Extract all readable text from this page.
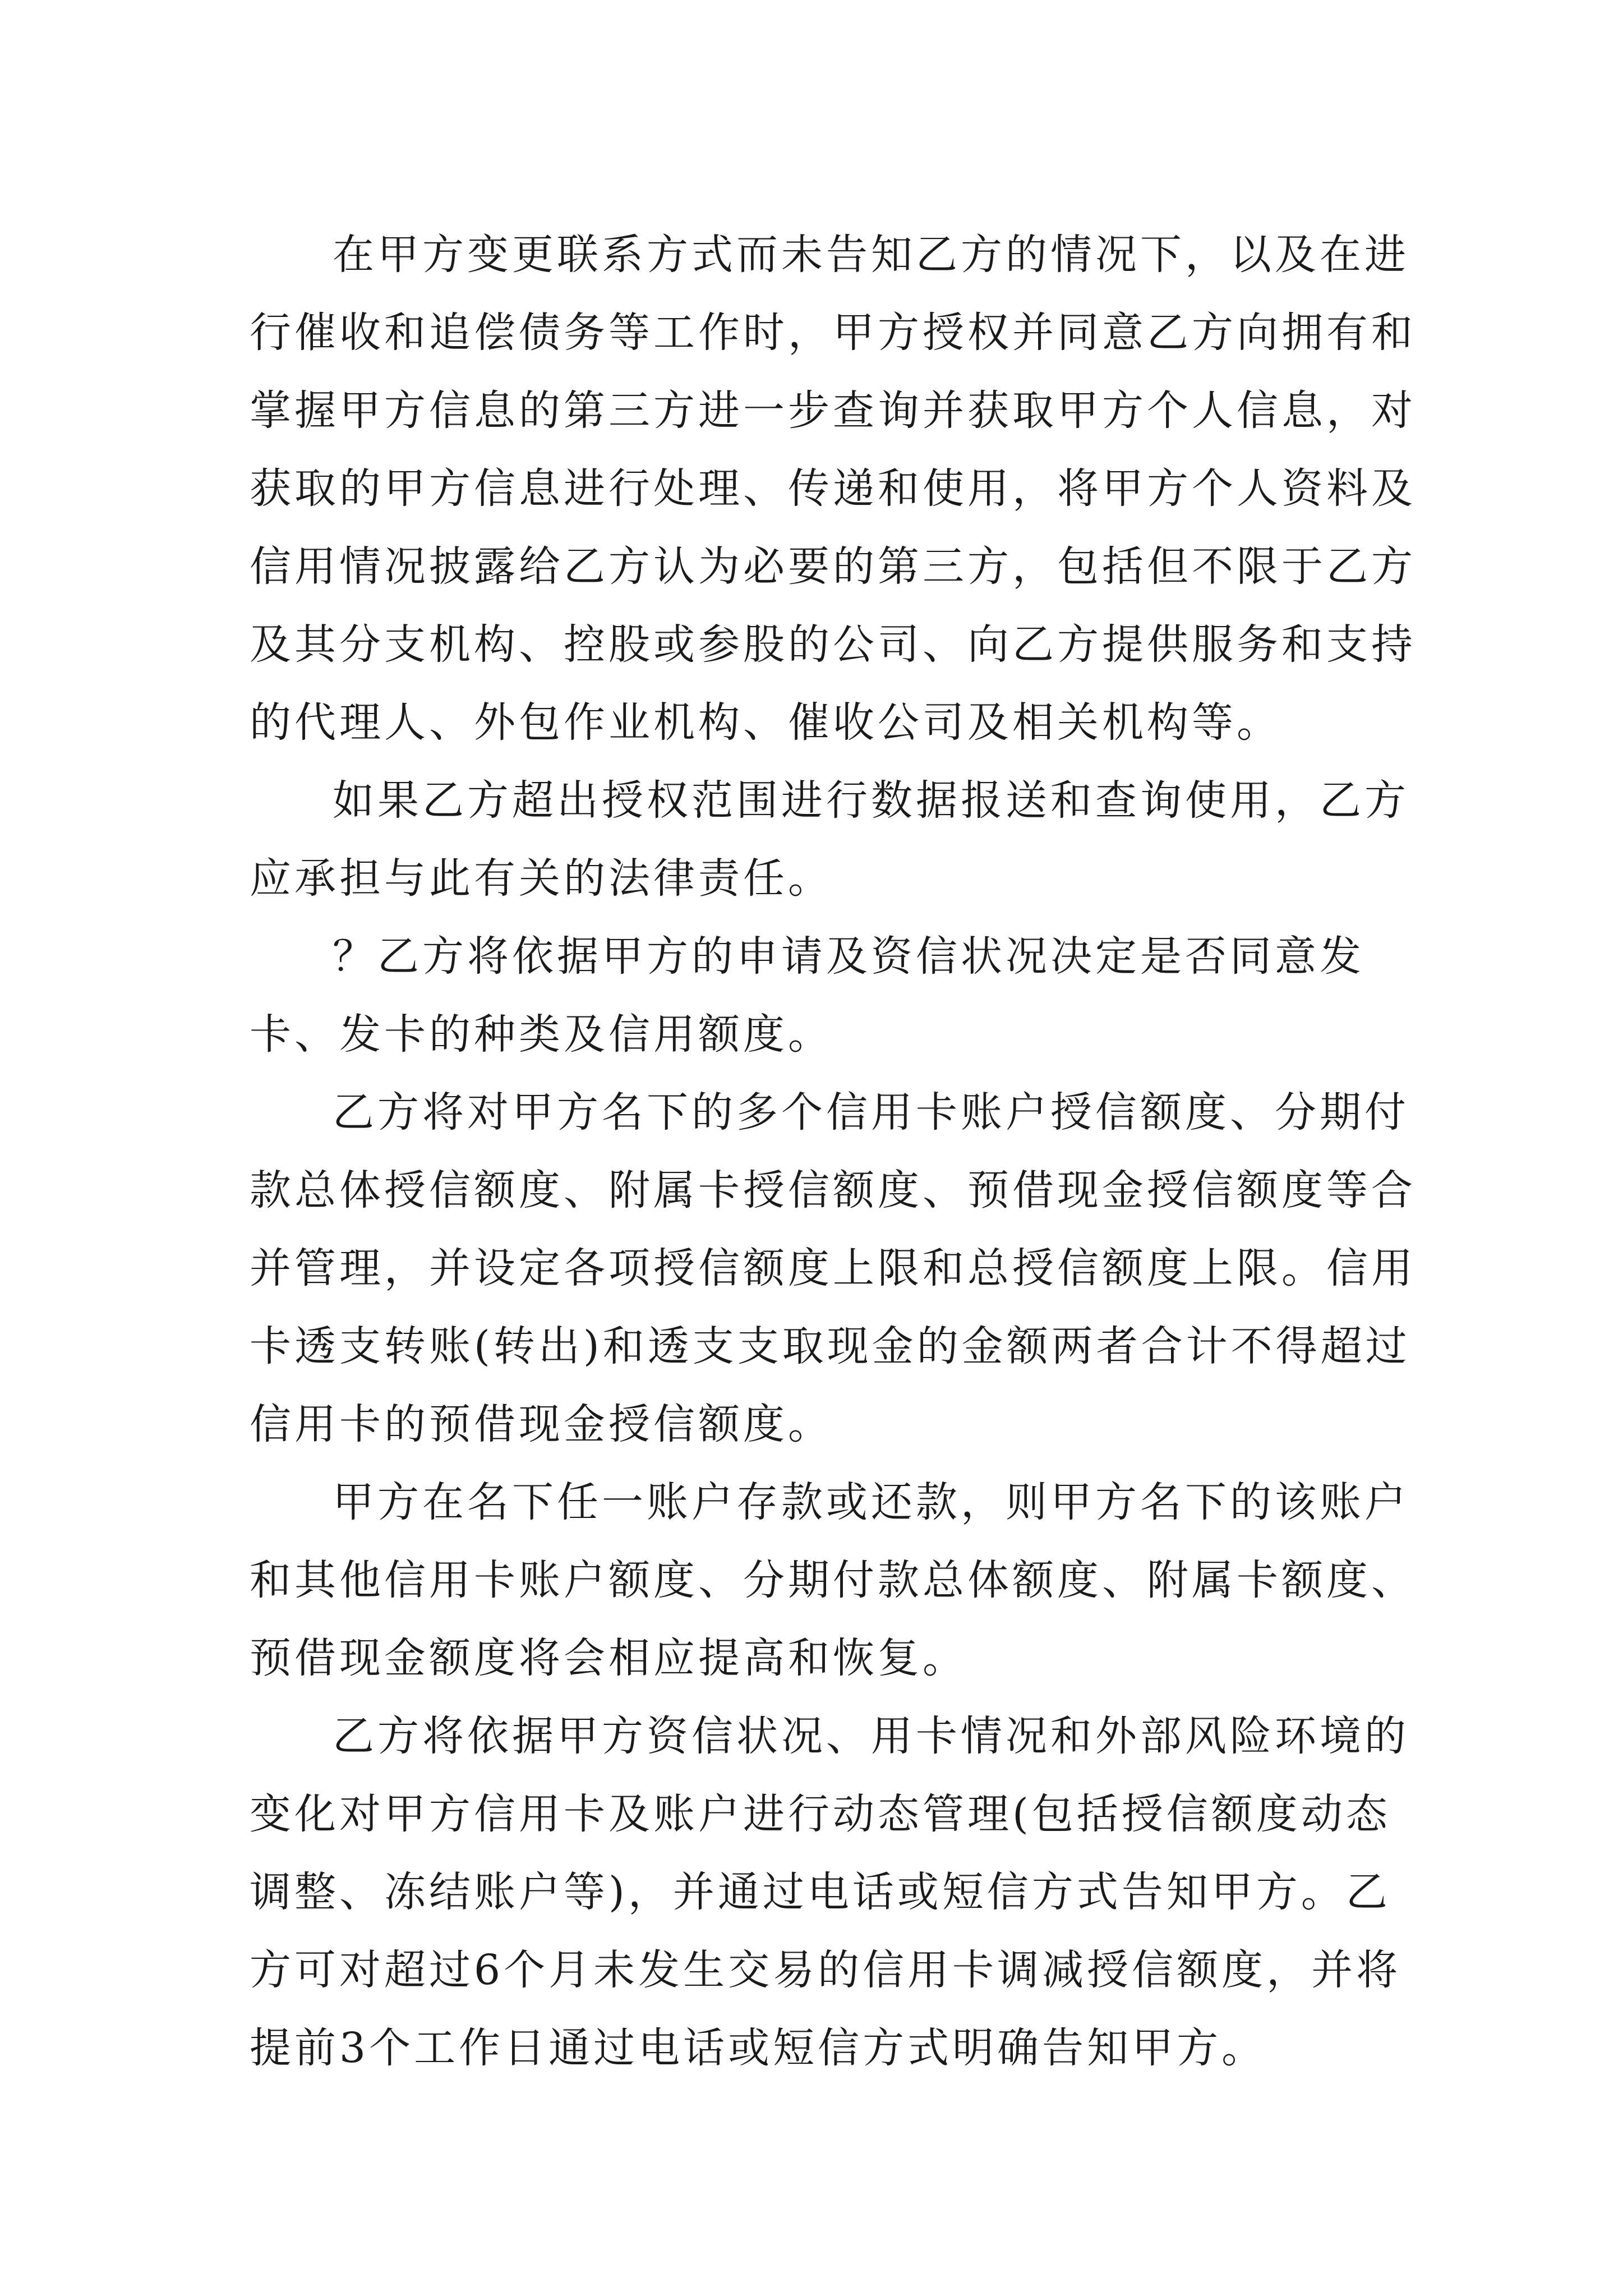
在甲方变更联系方式而未告知乙方的情况下，以及在进
行催收和追偿债务等工作时，甲方授权并同意乙方向拥有和
掌握甲方信息的第三方进一步查询并获取甲方个人信息，对
获取的甲方信息进行处理、传递和使用，将甲方个人资料及
信用情况披露给乙方认为必要的第三方，包括但不限于乙方
及其分支机构、控股或参股的公司、向乙方提供服务和支持
的代理人、外包作业机构、催收公司及相关机构等。

如果乙方超出授权范围进行数据报送和查询使用，乙方
应承担与此有关的法律责任。

？乙方将依据甲方的申请及资信状况决定是否同意发
卡、发卡的种类及信用额度。

乙方将对甲方名下的多个信用卡账户授信额度、分期付
款总体授信额度、附属卡授信额度、预借现金授信额度等合
并管理，并设定各项授信额度上限和总授信额度上限。信用
卡透支转账(转出)和透支支取现金的金额两者合计不得超过
信用卡的预借现金授信额度。

甲方在名下任一账户存款或还款，则甲方名下的该账户
和其他信用卡账户额度、分期付款总体额度、附属卡额度、
预借现金额度将会相应提高和恢复。

乙方将依据甲方资信状况、用卡情况和外部风险环境的
变化对甲方信用卡及账户进行动态管理(包括授信额度动态
调整、冻结账户等)，并通过电话或短信方式告知甲方。乙
方可对超过6个月未发生交易的信用卡调减授信额度，并将
提前3个工作日通过电话或短信方式明确告知甲方。
